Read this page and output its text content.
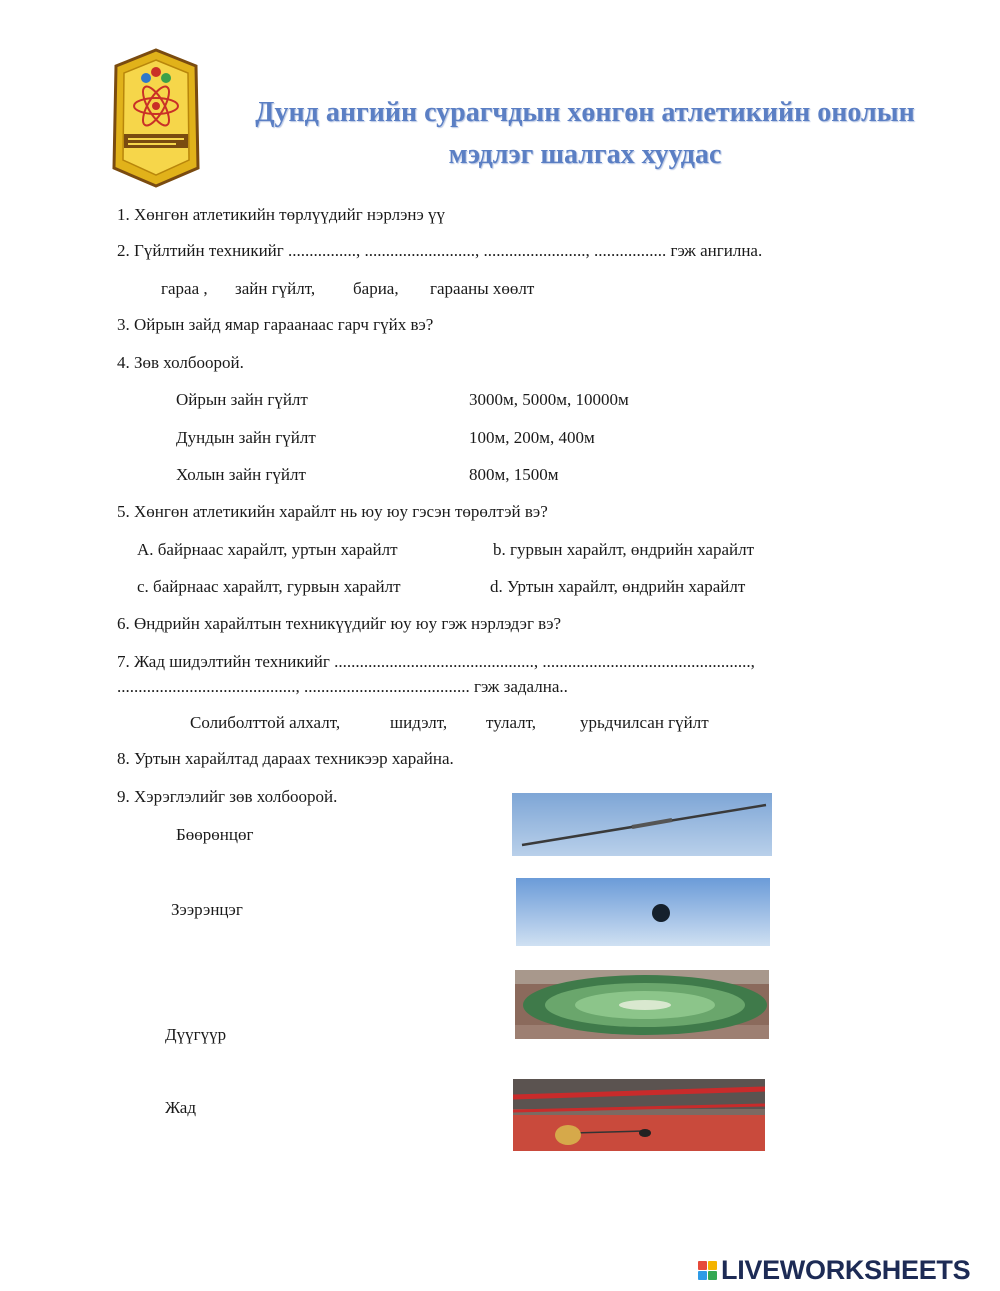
Дунд ангийн сурагчдын хөнгөн атлетикийн онолын
мэдлэг шалгах хуудас
1. Хөнгөн атлетикийн төрлүүдийг нэрлэнэ үү
2. Гүйлтийн техникийг ................, .........................., ........................, ................. гэж ангилна.
гараа , зайн гүйлт, бариа, гарааны хөөлт
3. Ойрын зайд ямар гараанаас гарч гүйх вэ?
4. Зөв холбоорой.
Ойрын зайн гүйлт	3000м, 5000м, 10000м
Дундын зайн гүйлт	100м, 200м, 400м
Холын зайн гүйлт	800м, 1500м
5. Хөнгөн атлетикийн харайлт нь юу юу гэсэн төрөлтэй вэ?
А. байрнаас харайлт, уртын харайлт	b. гурвын харайлт, өндрийн харайлт
c. байрнаас харайлт, гурвын харайлт	d. Уртын харайлт, өндрийн харайлт
6. Өндрийн харайлтын техникүүдийг юу юу гэж нэрлэдэг вэ?
7. Жад шидэлтийн техникийг ..............................................., .................................................,
.........................................., ....................................... гэж задална..
Солиболттой алхалт,	шидэлт, тулалт,	урьдчилсан гүйлт
8. Уртын харайлтад дараах техникээр харайна.
9. Хэрэглэлийг зөв холбоорой.
Бөөрөнцөг
Зээрэнцэг
Дүүгүүр
Жад
LIVEWORKSHEETS
